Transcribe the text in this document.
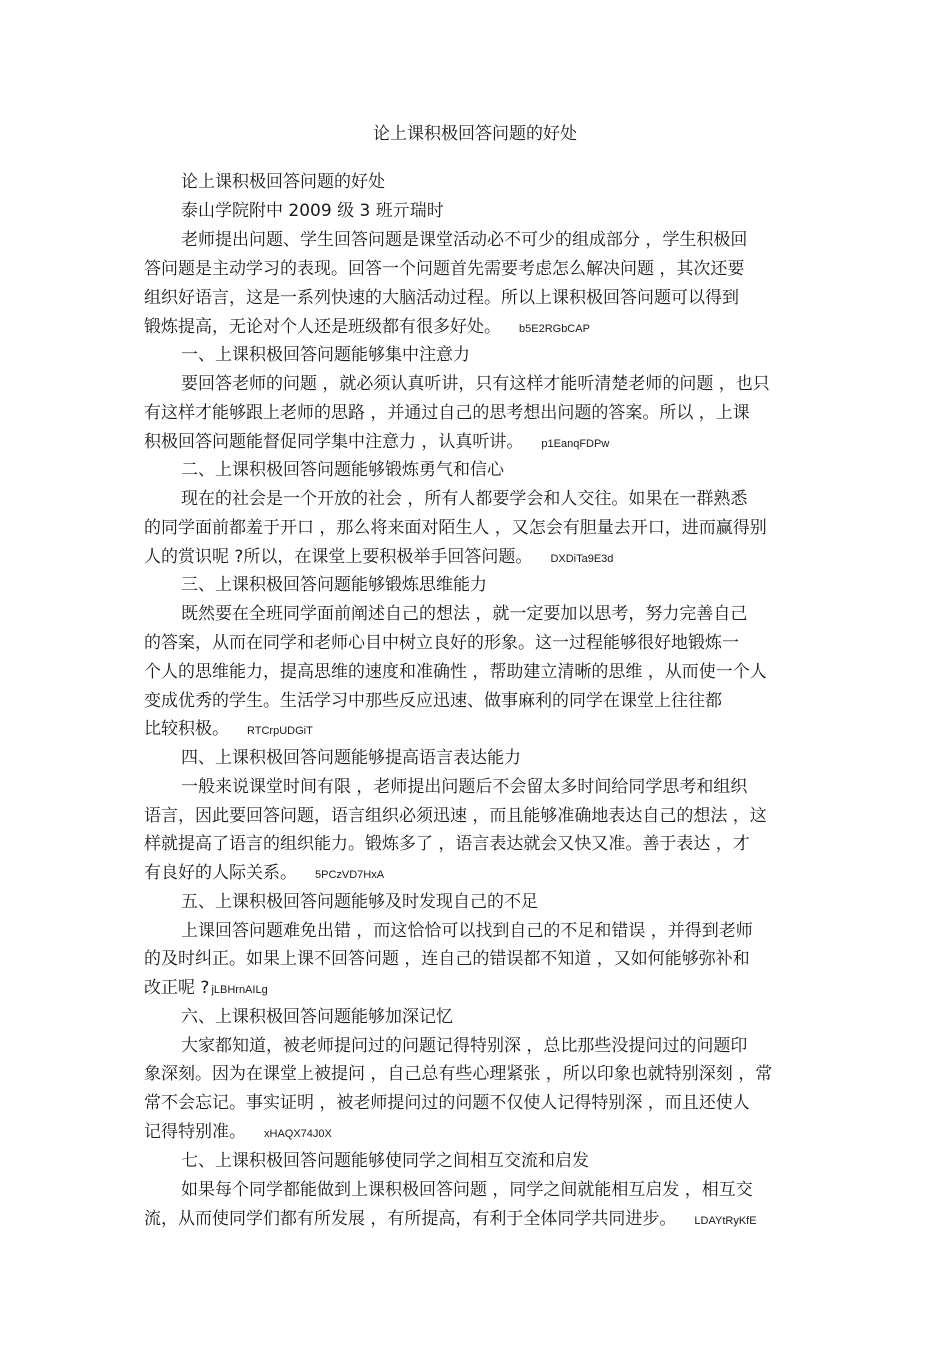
论上课积极回答问题的好处
论上课积极回答问题的好处
泰山学院附中 2009 级 3 班亓瑞时
老师提出问题、学生回答问题是课堂活动必不可少的组成部分 ，学生积极回
答问题是主动学习的表现。回答一个问题首先需要考虑怎么解决问题 ，其次还要
组织好语言，这是一系列快速的大脑活动过程。所以上课积极回答问题可以得到
锻炼提高，无论对个人还是班级都有很多好处。 b5E2RGbCAP
一、上课积极回答问题能够集中注意力
要回答老师的问题 ，就必须认真听讲，只有这样才能听清楚老师的问题 ，也只
有这样才能够跟上老师的思路 ，并通过自己的思考想出问题的答案。所以 ，上课
积极回答问题能督促同学集中注意力 ，认真听讲。 p1EanqFDPw
二、上课积极回答问题能够锻炼勇气和信心
现在的社会是一个开放的社会 ，所有人都要学会和人交往。如果在一群熟悉
的同学面前都羞于开口 ，那么将来面对陌生人 ，又怎会有胆量去开口，进而赢得别
人的赏识呢 ?所以，在课堂上要积极举手回答问题。 DXDiTa9E3d
三、上课积极回答问题能够锻炼思维能力
既然要在全班同学面前阐述自己的想法 ，就一定要加以思考，努力完善自己
的答案，从而在同学和老师心目中树立良好的形象。这一过程能够很好地锻炼一
个人的思维能力，提高思维的速度和准确性 ，帮助建立清晰的思维 ，从而使一个人
变成优秀的学生。生活学习中那些反应迅速、做事麻利的同学在课堂上往往都
比较积极。 RTCrpUDGiT
四、上课积极回答问题能够提高语言表达能力
一般来说课堂时间有限 ，老师提出问题后不会留太多时间给同学思考和组织
语言，因此要回答问题，语言组织必须迅速 ，而且能够准确地表达自己的想法 ，这
样就提高了语言的组织能力。锻炼多了 ，语言表达就会又快又准。善于表达 ，才
有良好的人际关系。 5PCzVD7HxA
五、上课积极回答问题能够及时发现自己的不足
上课回答问题难免出错 ，而这恰恰可以找到自己的不足和错误 ，并得到老师
的及时纠正。如果上课不回答问题 ，连自己的错误都不知道 ，又如何能够弥补和
改正呢 ? jLBHrnAILg
六、上课积极回答问题能够加深记忆
大家都知道，被老师提问过的问题记得特别深 ，总比那些没提问过的问题印
象深刻。因为在课堂上被提问 ，自己总有些心理紧张 ，所以印象也就特别深刻 ，常
常不会忘记。事实证明 ，被老师提问过的问题不仅使人记得特别深 ，而且还使人
记得特别准。 xHAQX74J0X
七、上课积极回答问题能够使同学之间相互交流和启发
如果每个同学都能做到上课积极回答问题 ，同学之间就能相互启发 ，相互交
流，从而使同学们都有所发展 ，有所提高，有利于全体同学共同进步。 LDAYtRyKfE
